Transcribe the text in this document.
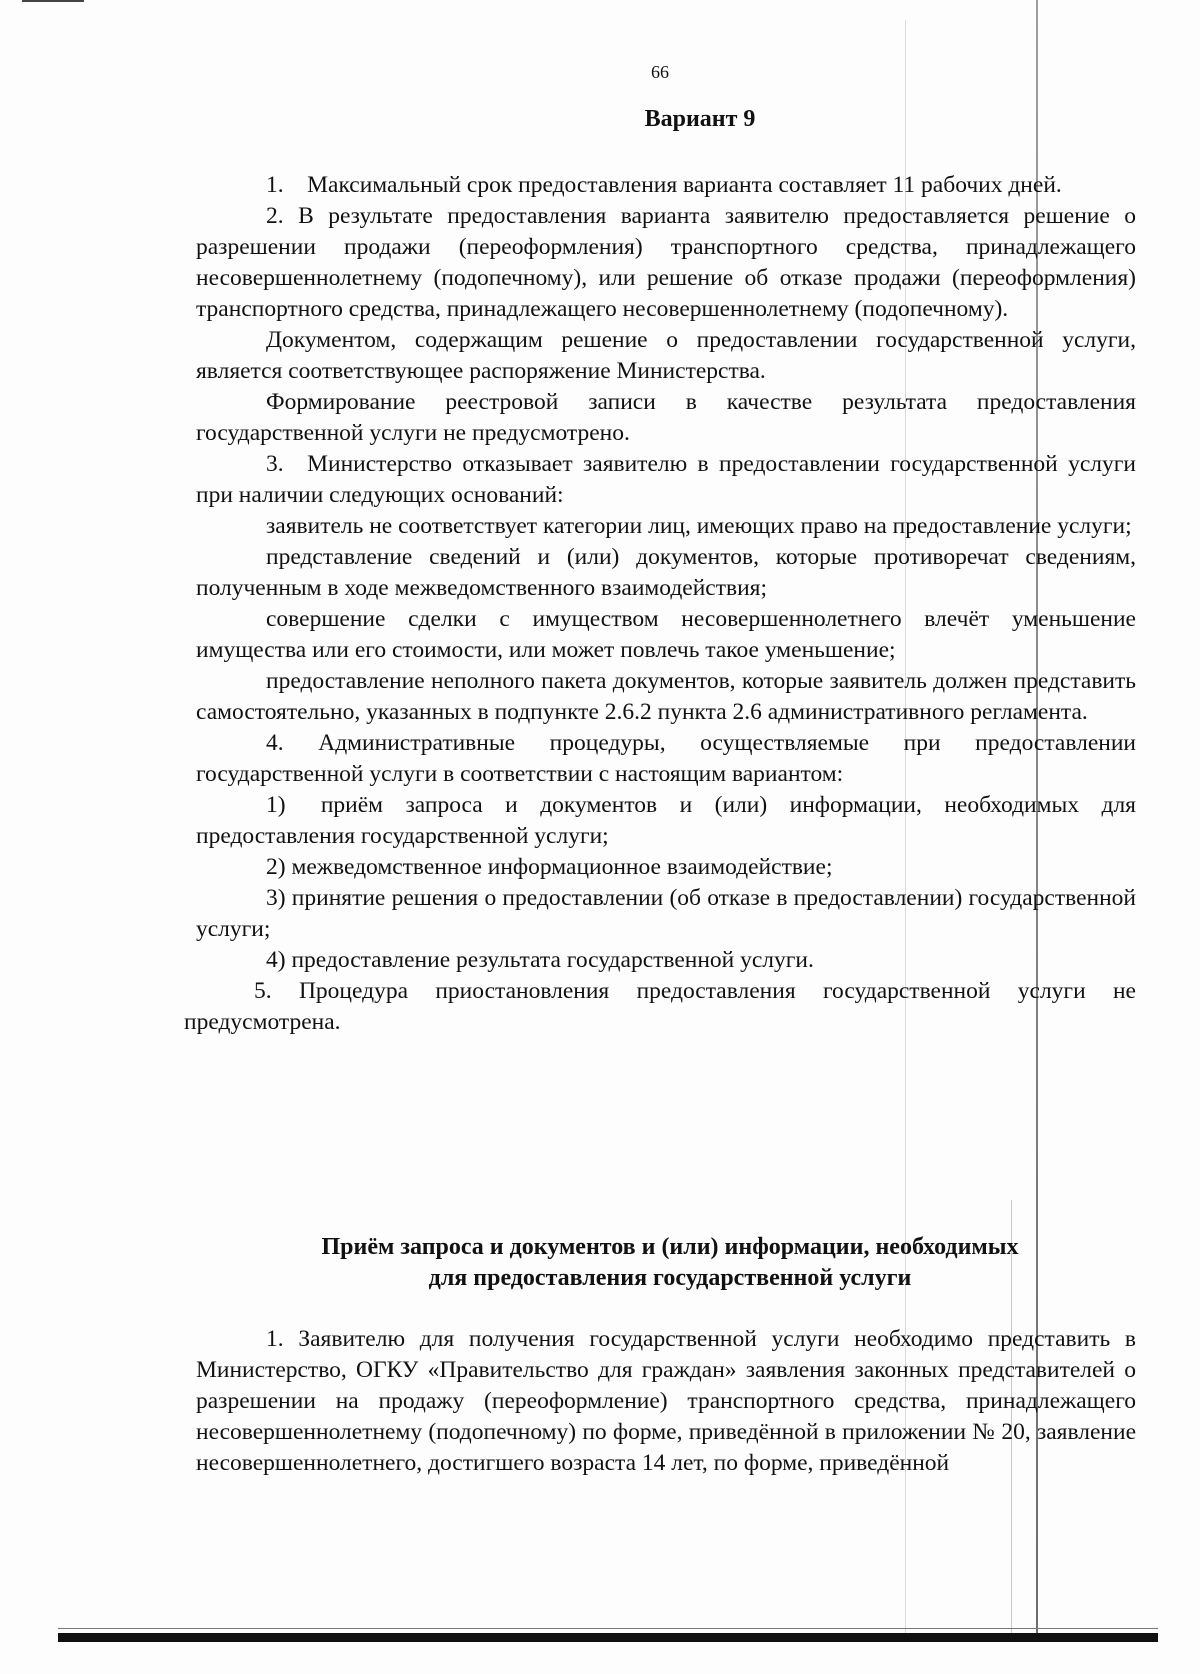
66
Вариант 9

1. Максимальный срок предоставления варианта составляет 11 рабочих дней.

2. В результате предоставления варианта заявителю предоставляется решение о разрешении продажи (переоформления) транспортного средства, принадлежащего несовершеннолетнему (подопечному), или решение об отказе продажи (переоформления) транспортного средства, принадлежащего несовершеннолетнему (подопечному).

Документом, содержащим решение о предоставлении государственной услуги, является соответствующее распоряжение Министерства.

Формирование реестровой записи в качестве результата предоставления государственной услуги не предусмотрено.

3. Министерство отказывает заявителю в предоставлении государственной услуги при наличии следующих оснований:

заявитель не соответствует категории лиц, имеющих право на предоставление услуги;

представление сведений и (или) документов, которые противоречат сведениям, полученным в ходе межведомственного взаимодействия;

совершение сделки с имуществом несовершеннолетнего влечёт уменьшение имущества или его стоимости, или может повлечь такое уменьшение;

предоставление неполного пакета документов, которые заявитель должен представить самостоятельно, указанных в подпункте 2.6.2 пункта 2.6 административного регламента.

4. Административные процедуры, осуществляемые при предоставлении государственной услуги в соответствии с настоящим вариантом:

1)  приём запроса и документов и (или) информации, необходимых для предоставления государственной услуги;

2) межведомственное информационное взаимодействие;

3) принятие решения о предоставлении (об отказе в предоставлении) государственной услуги;

4) предоставление результата государственной услуги.

5. Процедура приостановления предоставления государственной услуги не предусмотрена.

Приём запроса и документов и (или) информации, необходимых
для предоставления государственной услуги

1. Заявителю для получения государственной услуги необходимо представить в Министерство, ОГКУ «Правительство для граждан» заявления законных представителей о разрешении на продажу (переоформление) транспортного средства, принадлежащего несовершеннолетнему (подопечному) по форме, приведённой в приложении № 20, заявление несовершеннолетнего, достигшего возраста 14 лет, по форме, приведённой
